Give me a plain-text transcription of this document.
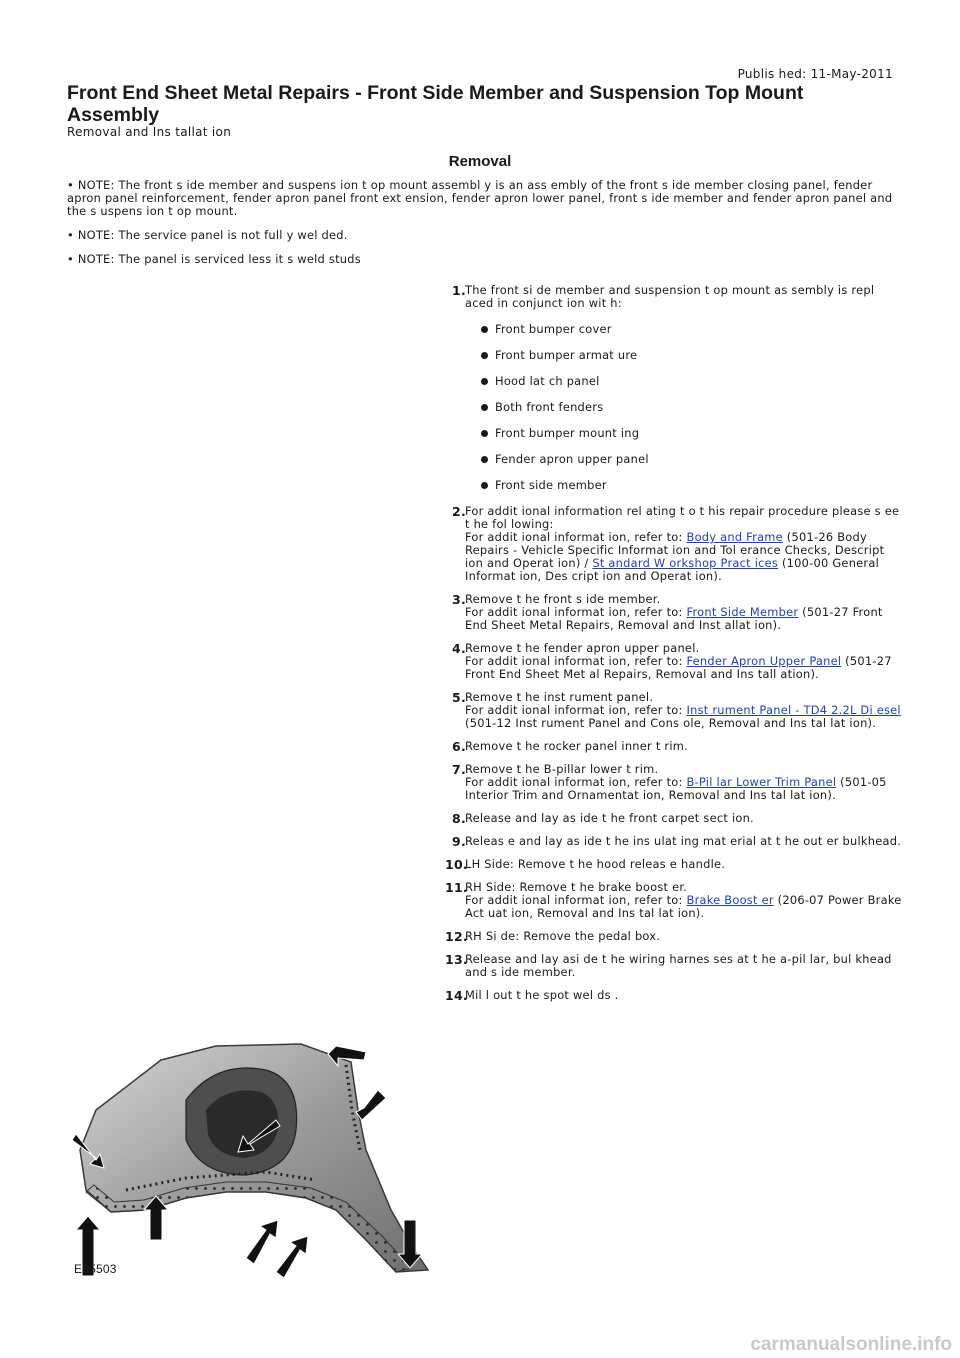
Publis hed: 11-May-2011
Front End Sheet Metal Repairs - Front Side Member and Suspension Top Mount Assembly
Removal and Ins tallat ion
Removal

• NOTE: The front s ide member and suspens ion t op mount assembl y is an ass embly of the front s ide member closing panel, fender apron panel reinforcement, fender apron panel front ext ension, fender apron lower panel, front s ide member and fender apron panel and the s uspens ion t op mount.

• NOTE: The service panel is not full y wel ded.

• NOTE: The panel is serviced less it s weld studs

1. The front si de member and suspension t op mount as sembly is repl aced in conjunct ion wit h:
Front bumper cover
Front bumper armat ure
Hood lat ch panel
Both front fenders
Front bumper mount ing
Fender apron upper panel
Front side member
2. For addit ional information rel ating t o t his repair procedure please s ee t he fol lowing:
For addit ional informat ion, refer to: Body and Frame (501-26 Body Repairs - Vehicle Specific Informat ion and Tol erance Checks, Descript ion and Operat ion) / St andard W orkshop Pract ices (100-00 General Informat ion, Des cript ion and Operat ion).
3. Remove t he front s ide member.
For addit ional informat ion, refer to: Front Side Member (501-27 Front End Sheet Metal Repairs, Removal and Inst allat ion).
4. Remove t he fender apron upper panel.
For addit ional informat ion, refer to: Fender Apron Upper Panel (501-27 Front End Sheet Met al Repairs, Removal and Ins tall ation).
5. Remove t he inst rument panel.
For addit ional informat ion, refer to: Inst rument Panel - TD4 2.2L Di esel (501-12 Inst rument Panel and Cons ole, Removal and Ins tal lat ion).
6. Remove t he rocker panel inner t rim.
7. Remove t he B-pillar lower t rim.
For addit ional informat ion, refer to: B-Pil lar Lower Trim Panel (501-05 Interior Trim and Ornamentat ion, Removal and Ins tal lat ion).
8. Release and lay as ide t he front carpet sect ion.
9. Releas e and lay as ide t he ins ulat ing mat erial at t he out er bulkhead.
10.
LH Side: Remove t he hood releas e handle.
11.
RH Side: Remove t he brake boost er.
For addit ional informat ion, refer to: Brake Boost er (206-07 Power Brake Act uat ion, Removal and Ins tal lat ion).
12.
RH Si de: Remove the pedal box.
13.
Release and lay asi de t he wiring harnes ses at t he a-pil lar, bul khead and s ide member.
14.
Mil l out t he spot wel ds .
E85503
carmanualsonline.info
